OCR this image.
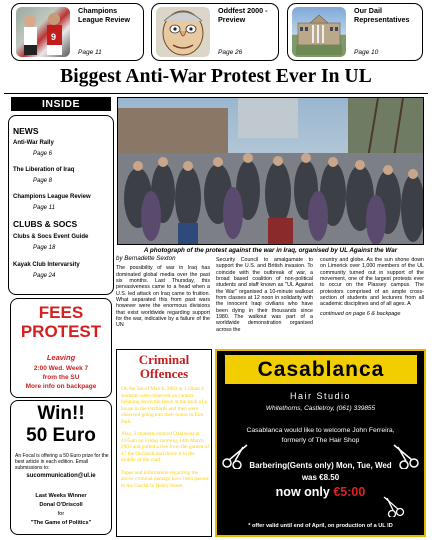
9
Champions
League Review
Page 11
Oddfest 2000 -
Preview
Page 26
Our Dail
Representatives
Page 10
Biggest Anti-War Protest Ever In UL
INSIDE
NEWS
Anti-War Rally
Page 6
The Liberation of Iraq
Page 8
Champions League Review
Page 11
CLUBS & SOCS
Clubs & Socs Event Guide
Page 18
Kayak Club Intervarsity
Page 24
FEES
PROTEST
Leaving
2:00 Wed. Week 7
from the SU
More info on backpage
Win!!
50 Euro
An Focal is offering a 50 Euro prize for the best article in each edition. Email submissions to:
sucommunication@ul.ie
Last Weeks Winner
Donal O'Driscoll
for
"The Game of Politics"
A photograph of the protest against the war in Iraq, organised by UL Against the War
by Bernadette Sexton
The possibility of war in Iraq has dominated global media over the past six months. Last Thursday, this pervasiveness came to a head when a U.S. led attack on Iraq came to fruition. What separated this from past wars however were the enormous divisions that exist worldwide regarding support for the war, indicative by a failure of the UN
Security Council to amalgamate to support the U.S. and British invasion. To coincide with the outbreak of war, a broad based coalition of non-political students and staff known as "UL Against the War" organised a 10-minute walkout from classes at 12 noon in solidarity with the innocent Iraqi civilians who have been dying in their thousands since 1980. The walkout was part of a worldwide demonstration organised across the
country and globe. As the sun shone down on Limerick over 1,000 members of the UL community turned out in support of the movement, one of the largest protests ever to occur on the Plassey campus. The protestors comprised of an ample cross-section of students and lecturers from all academic disciplines and of all ages. A
continued on page 6 & backpage
Criminal
Offences

On the 5th of March, 2003 at 1:50am 4 students were observed on camera breaking down the fence at the back of a house in the Orchards and then were observed going into their house in Elm Park.

Also, 3 students entered Oaklawns at 4:05am on Friday morning 14th March 2003 and pulled a tree from the garden of 47 the Orchards and threw it in the middle of the road.

Tapes and information regarding the above criminal damage have been passed to the Gardai in Henry Street.

Casablanca
Hair Studio
Whitethorns, Castletroy, (061) 339855
Casablanca would like to welcome John Ferreira,
formerly of The Hair Shop
Barbering(Gents only) Mon, Tue, Wed
was €8.50
now only €5:00
* offer valid until end of April, on production of a UL ID
